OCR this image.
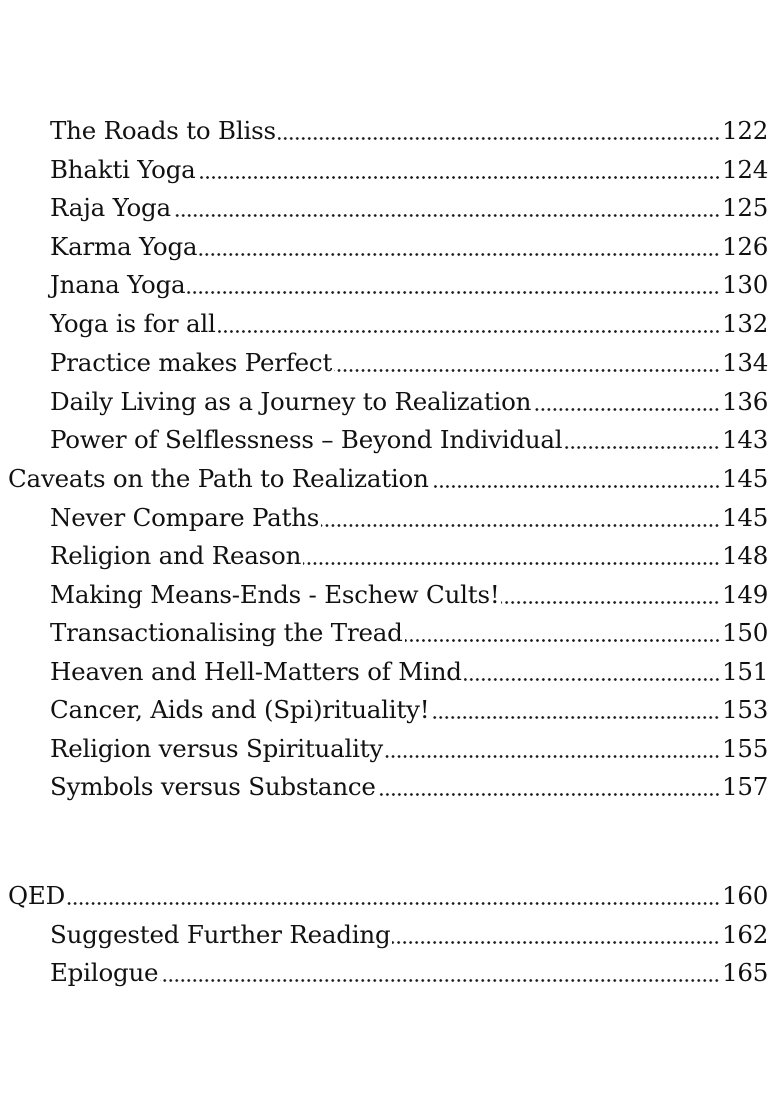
The Roads to Bliss	122
Bhakti Yoga	124
Raja Yoga	125
Karma Yoga	126
Jnana Yoga	130
Yoga is for all	132
Practice makes Perfect	134
Daily Living as a Journey to Realization	136
Power of Selflessness – Beyond Individual	143
Caveats on the Path to Realization	145
Never Compare Paths	145
Religion and Reason	148
Making Means-Ends - Eschew Cults!	149
Transactionalising the Tread	150
Heaven and Hell-Matters of Mind	151
Cancer, Aids and (Spi)rituality!	153
Religion versus Spirituality	155
Symbols versus Substance	157
QED	160
Suggested Further Reading	162
Epilogue	165
